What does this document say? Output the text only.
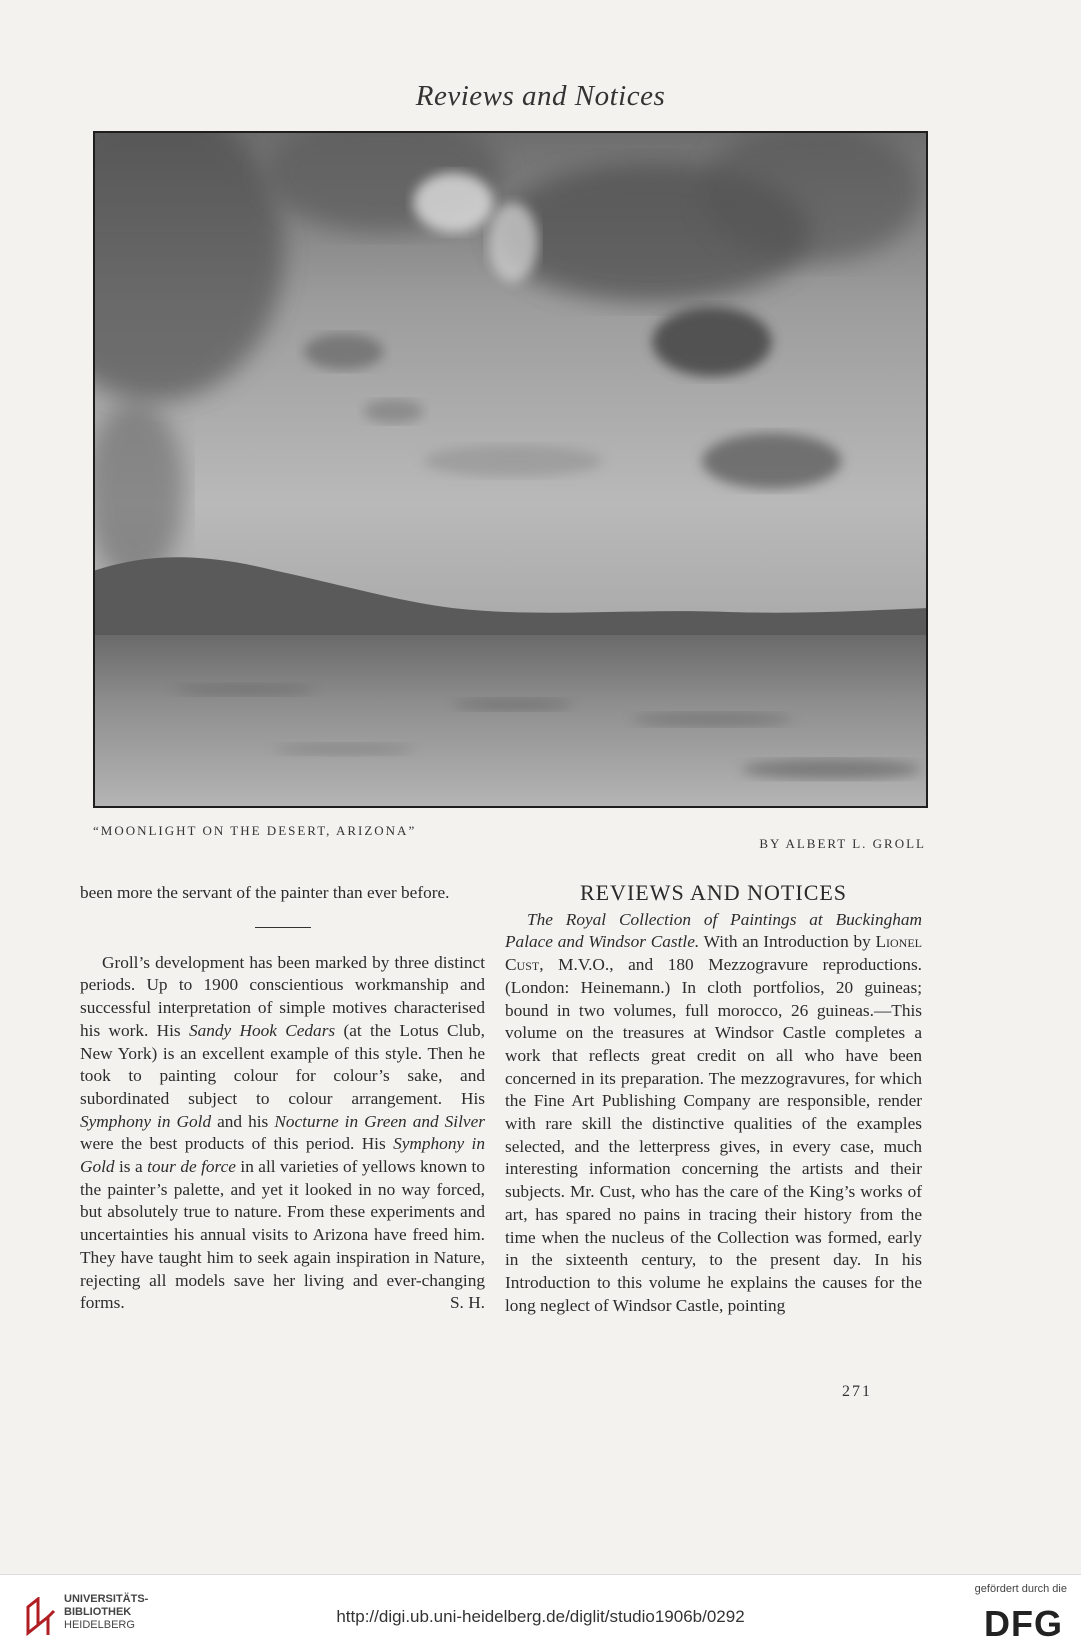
Reviews and Notices
“MOONLIGHT ON THE DESERT, ARIZONA”
BY ALBERT L. GROLL

been more the servant of the painter than ever before.

Groll’s development has been marked by three distinct periods. Up to 1900 conscientious workmanship and successful interpretation of simple motives characterised his work. His Sandy Hook Cedars (at the Lotus Club, New York) is an excellent example of this style. Then he took to painting colour for colour’s sake, and subordinated subject to colour arrangement. His Symphony in Gold and his Nocturne in Green and Silver were the best products of this period. His Symphony in Gold is a tour de force in all varieties of yellows known to the painter’s palette, and yet it looked in no way forced, but absolutely true to nature. From these experiments and uncertainties his annual visits to Arizona have freed him. They have taught him to seek again inspiration in Nature, rejecting all models save her living and ever-changing forms.	S. H.

REVIEWS AND NOTICES

The Royal Collection of Paintings at Buckingham Palace and Windsor Castle. With an Introduction by Lionel Cust, M.V.O., and 180 Mezzogravure reproductions. (London: Heinemann.) In cloth portfolios, 20 guineas; bound in two volumes, full morocco, 26 guineas.—This volume on the treasures at Windsor Castle completes a work that reflects great credit on all who have been concerned in its preparation. The mezzogravures, for which the Fine Art Publishing Company are responsible, render with rare skill the distinctive qualities of the examples selected, and the letterpress gives, in every case, much interesting information concerning the artists and their subjects. Mr. Cust, who has the care of the King’s works of art, has spared no pains in tracing their history from the time when the nucleus of the Collection was formed, early in the sixteenth century, to the present day. In his Introduction to this volume he explains the causes for the long neglect of Windsor Castle, pointing

271
UNIVERSITÄTS-
BIBLIOTHEK
HEIDELBERG	http://digi.ub.uni-heidelberg.de/diglit/studio1906b/0292
gefördert durch die
DFG
